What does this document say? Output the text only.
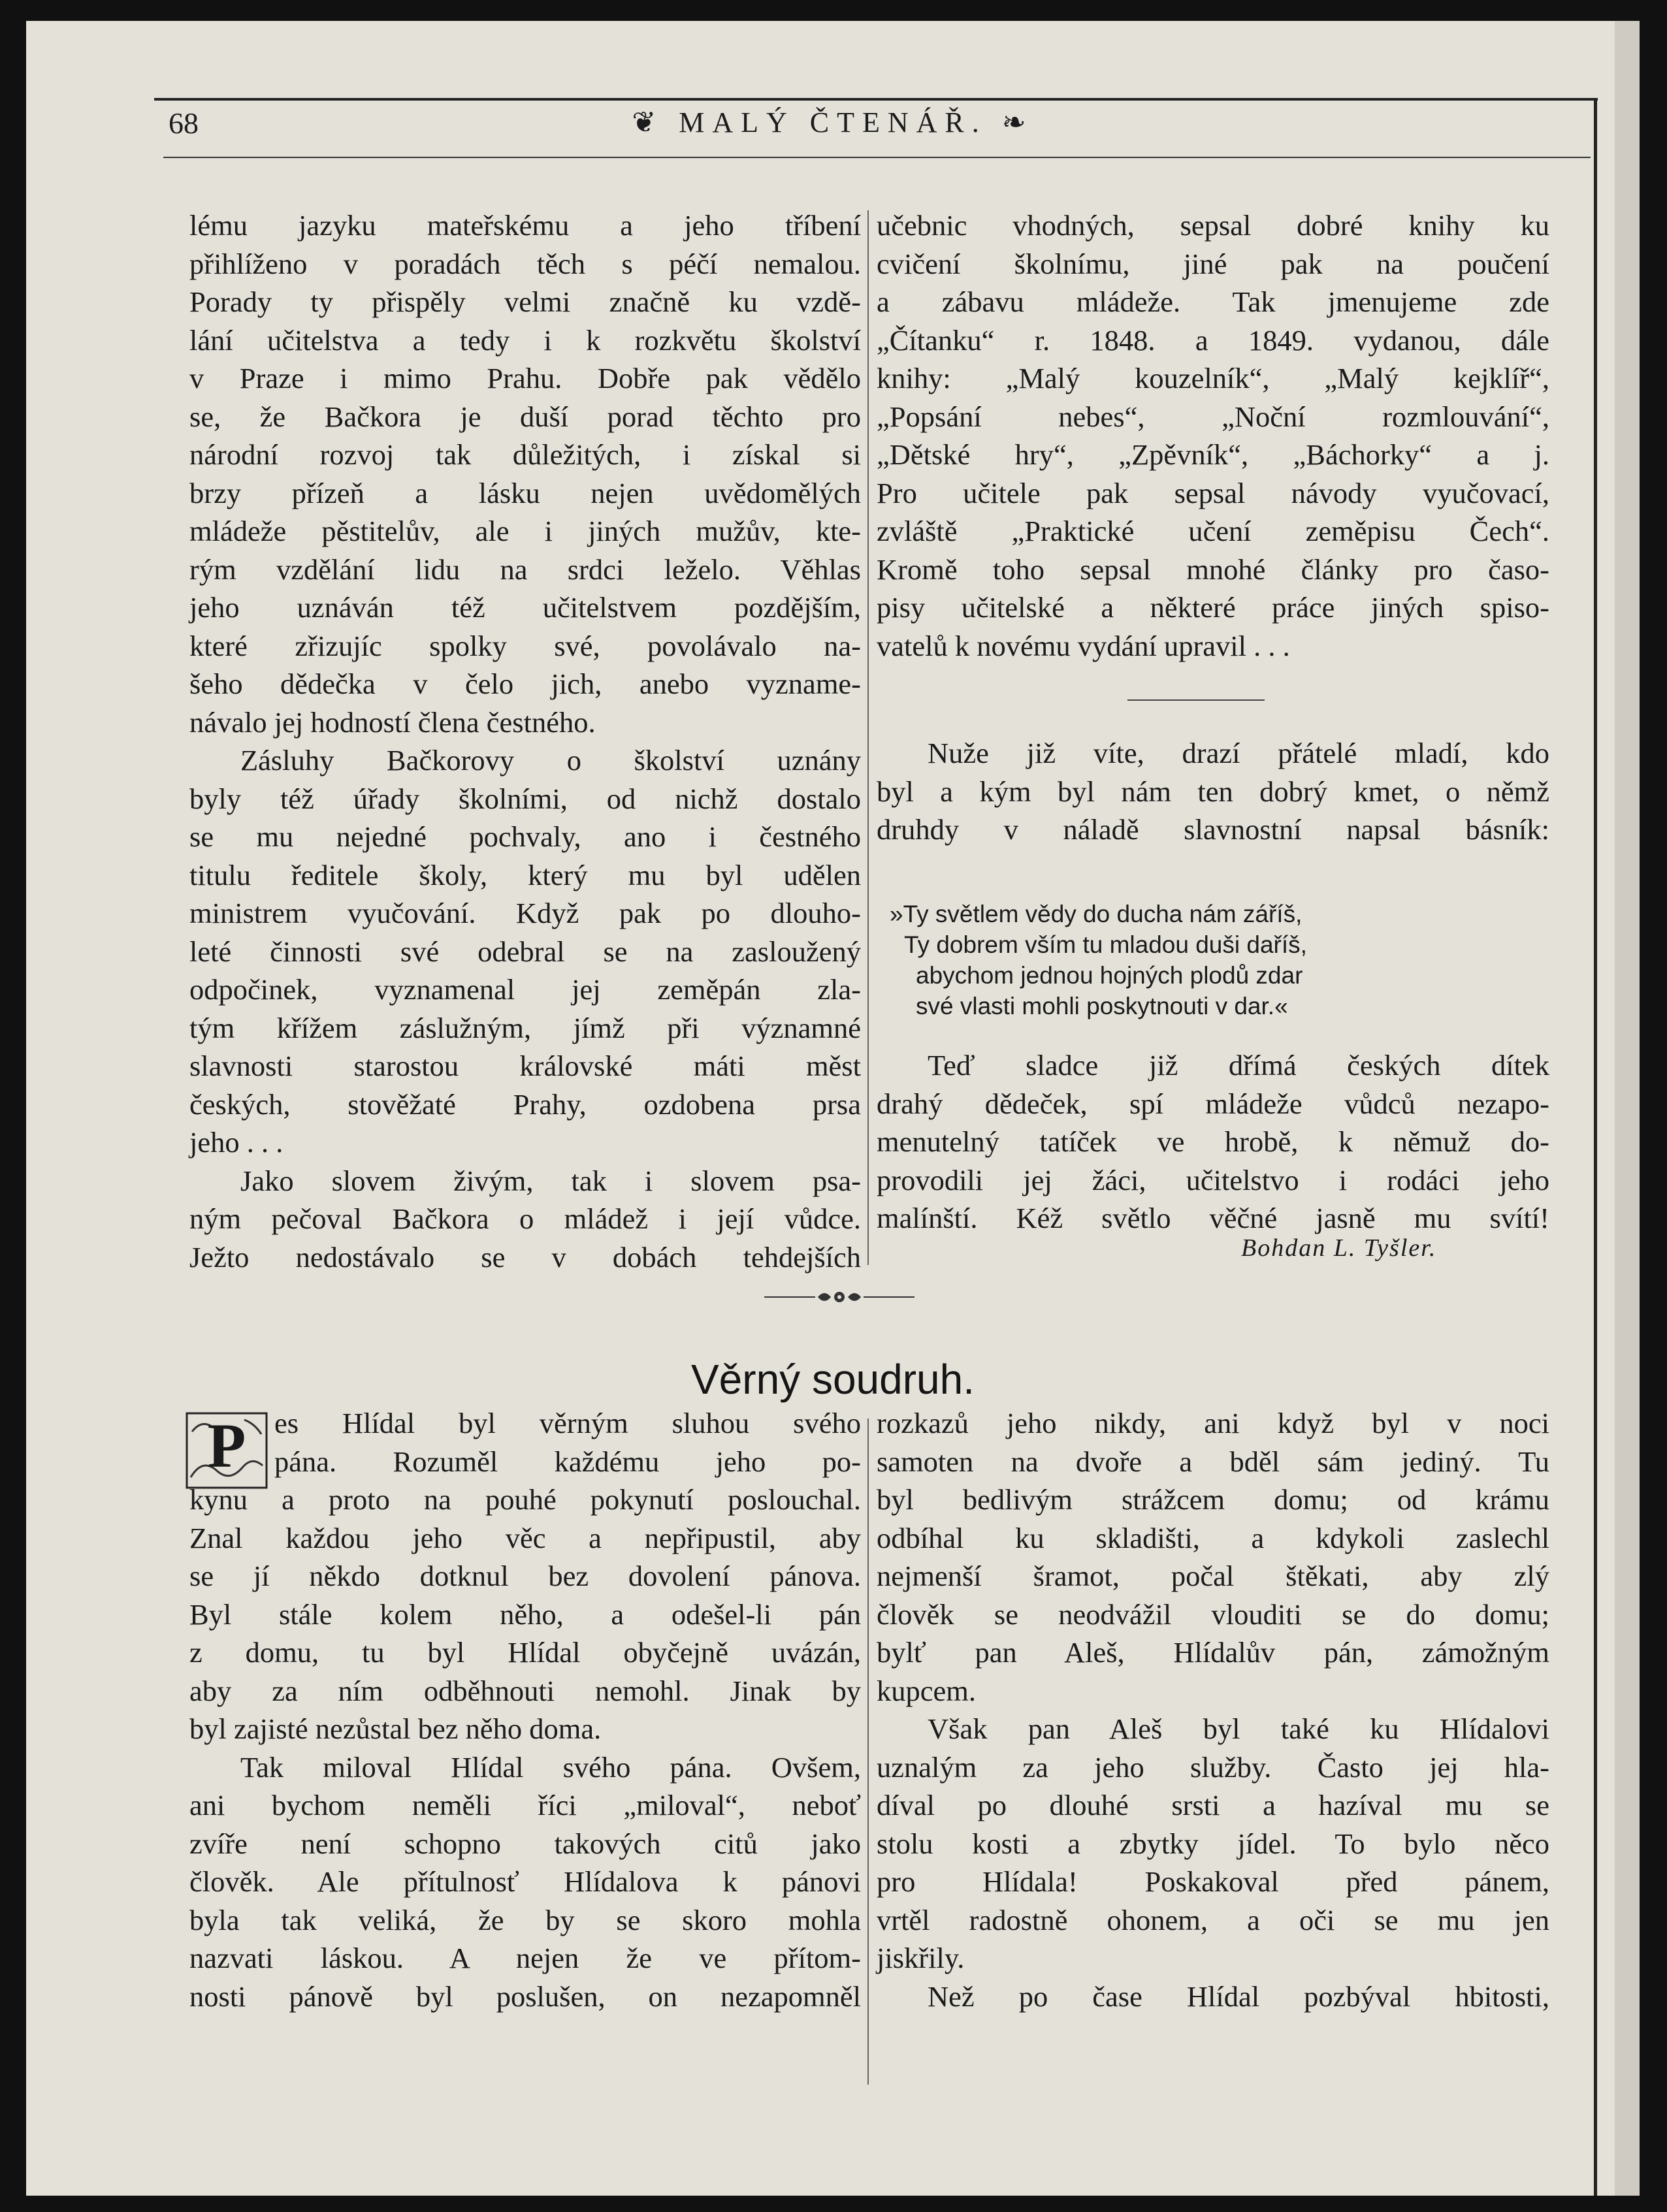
68	❦ MALÝ ČTENÁŘ. ❧
lému jazyku mateřskému a jeho tříbení
přihlíženo v poradách těch s péčí nemalou.
Porady ty přispěly velmi značně ku vzdě-
lání učitelstva a tedy i k rozkvětu školství
v Praze i mimo Prahu. Dobře pak vědělo
se, že Bačkora je duší porad těchto pro
národní rozvoj tak důležitých, i získal si
brzy přízeň a lásku nejen uvědomělých
mládeže pěstitelův, ale i jiných mužův, kte-
rým vzdělání lidu na srdci leželo. Věhlas
jeho uznáván též učitelstvem pozdějším,
které zřizujíc spolky své, povolávalo na-
šeho dědečka v čelo jich, anebo vyzname-
návalo jej hodností člena čestného.
Zásluhy Bačkorovy o školství uznány
byly též úřady školními, od nichž dostalo
se mu nejedné pochvaly, ano i čestného
titulu ředitele školy, který mu byl udělen
ministrem vyučování. Když pak po dlouho-
leté činnosti své odebral se na zasloužený
odpočinek, vyznamenal jej zeměpán zla-
tým křížem záslužným, jímž při významné
slavnosti starostou královské máti měst
českých, stověžaté Prahy, ozdobena prsa
jeho . . .
Jako slovem živým, tak i slovem psa-
ným pečoval Bačkora o mládež i její vůdce.
Ježto nedostávalo se v dobách tehdejších
učebnic vhodných, sepsal dobré knihy ku
cvičení školnímu, jiné pak na poučení
a zábavu mládeže. Tak jmenujeme zde
„Čítanku“ r. 1848. a 1849. vydanou, dále
knihy: „Malý kouzelník“, „Malý kejklíř“,
„Popsání nebes“, „Noční rozmlouvání“,
„Dětské hry“, „Zpěvník“, „Báchorky“ a j.
Pro učitele pak sepsal návody vyučovací,
zvláště „Praktické učení zeměpisu Čech“.
Kromě toho sepsal mnohé články pro časo-
pisy učitelské a některé práce jiných spiso-
vatelů k novému vydání upravil . . .
Nuže již víte, drazí přátelé mladí, kdo
byl a kým byl nám ten dobrý kmet, o němž
druhdy v náladě slavnostní napsal básník:
»Ty světlem vědy do ducha nám záříš,
Ty dobrem vším tu mladou duši daříš,
abychom jednou hojných plodů zdar
své vlasti mohli poskytnouti v dar.«
Teď sladce již dřímá českých dítek
drahý dědeček, spí mládeže vůdců nezapo-
menutelný tatíček ve hrobě, k němuž do-
provodili jej žáci, učitelstvo i rodáci jeho
malínští. Kéž světlo věčné jasně mu svítí!
Bohdan L. Tyšler.
Věrný soudruh.
P es Hlídal byl věrným sluhou svého
pána. Rozuměl každému jeho po-
kynu a proto na pouhé pokynutí poslouchal.
Znal každou jeho věc a nepřipustil, aby
se jí někdo dotknul bez dovolení pánova.
Byl stále kolem něho, a odešel-li pán
z domu, tu byl Hlídal obyčejně uvázán,
aby za ním odběhnouti nemohl. Jinak by
byl zajisté nezůstal bez něho doma.
Tak miloval Hlídal svého pána. Ovšem,
ani bychom neměli říci „miloval“, neboť
zvíře není schopno takových citů jako
člověk. Ale přítulnosť Hlídalova k pánovi
byla tak veliká, že by se skoro mohla
nazvati láskou. A nejen že ve přítom-
nosti pánově byl poslušen, on nezapomněl
rozkazů jeho nikdy, ani když byl v noci
samoten na dvoře a bděl sám jediný. Tu
byl bedlivým strážcem domu; od krámu
odbíhal ku skladišti, a kdykoli zaslechl
nejmenší šramot, počal štěkati, aby zlý
člověk se neodvážil vlouditi se do domu;
bylť pan Aleš, Hlídalův pán, zámožným
kupcem.
Však pan Aleš byl také ku Hlídalovi
uznalým za jeho služby. Často jej hla-
díval po dlouhé srsti a hazíval mu se
stolu kosti a zbytky jídel. To bylo něco
pro Hlídala! Poskakoval před pánem,
vrtěl radostně ohonem, a oči se mu jen
jiskřily.
Než po čase Hlídal pozbýval hbitosti,
